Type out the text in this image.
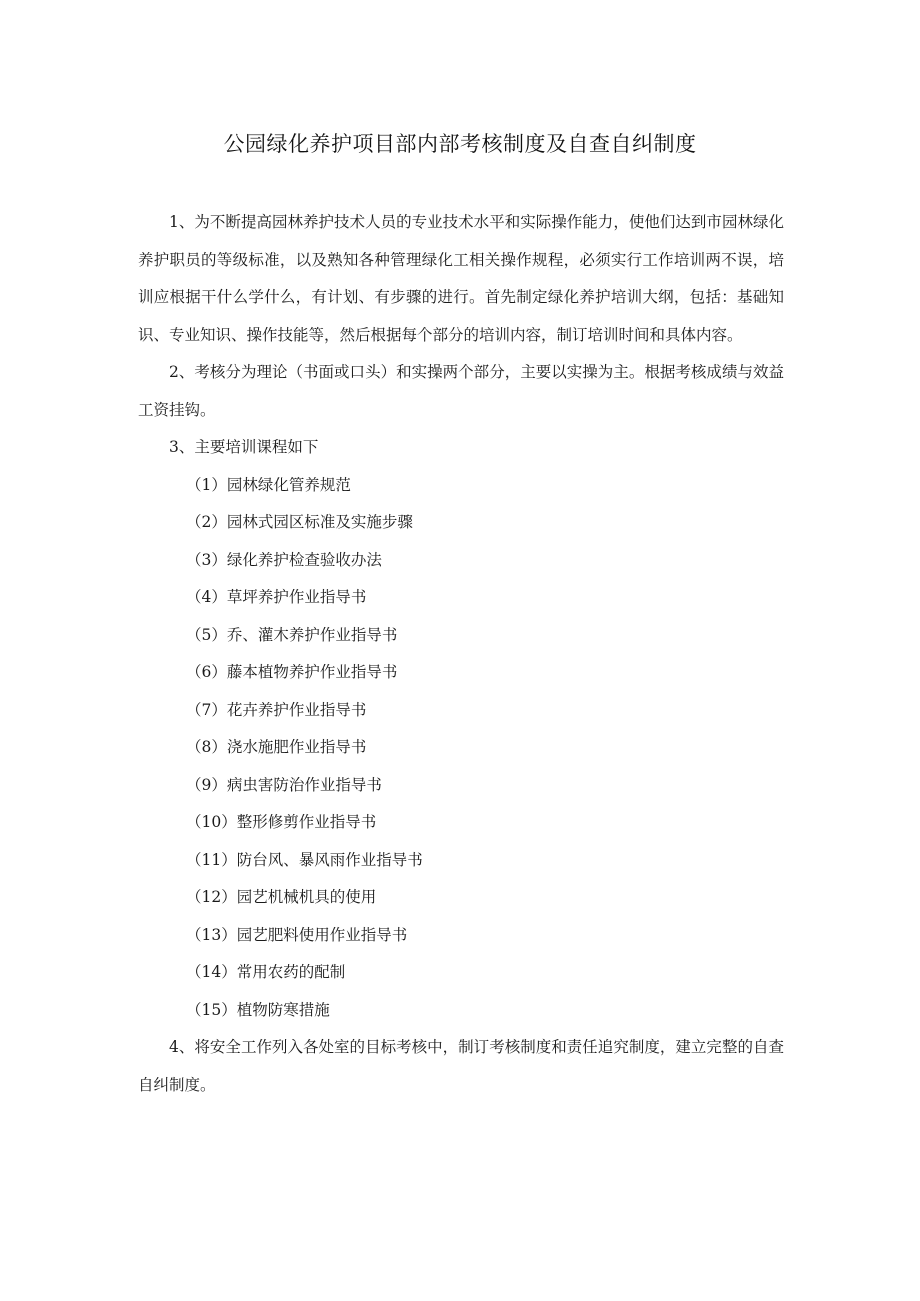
公园绿化养护项目部内部考核制度及自查自纠制度

1、为不断提高园林养护技术人员的专业技术水平和实际操作能力，使他们达到市园林绿化养护职员的等级标准，以及熟知各种管理绿化工相关操作规程，必须实行工作培训两不误，培训应根据干什么学什么，有计划、有步骤的进行。首先制定绿化养护培训大纲，包括：基础知识、专业知识、操作技能等，然后根据每个部分的培训内容，制订培训时间和具体内容。

2、考核分为理论（书面或口头）和实操两个部分，主要以实操为主。根据考核成绩与效益工资挂钩。

3、主要培训课程如下

（1）园林绿化管养规范
（2）园林式园区标准及实施步骤
（3）绿化养护检查验收办法
（4）草坪养护作业指导书
（5）乔、灌木养护作业指导书
（6）藤本植物养护作业指导书
（7）花卉养护作业指导书
（8）浇水施肥作业指导书
（9）病虫害防治作业指导书
（10）整形修剪作业指导书
（11）防台风、暴风雨作业指导书
（12）园艺机械机具的使用
（13）园艺肥料使用作业指导书
（14）常用农药的配制
（15）植物防寒措施

4、将安全工作列入各处室的目标考核中，制订考核制度和责任追究制度，建立完整的自查自纠制度。
